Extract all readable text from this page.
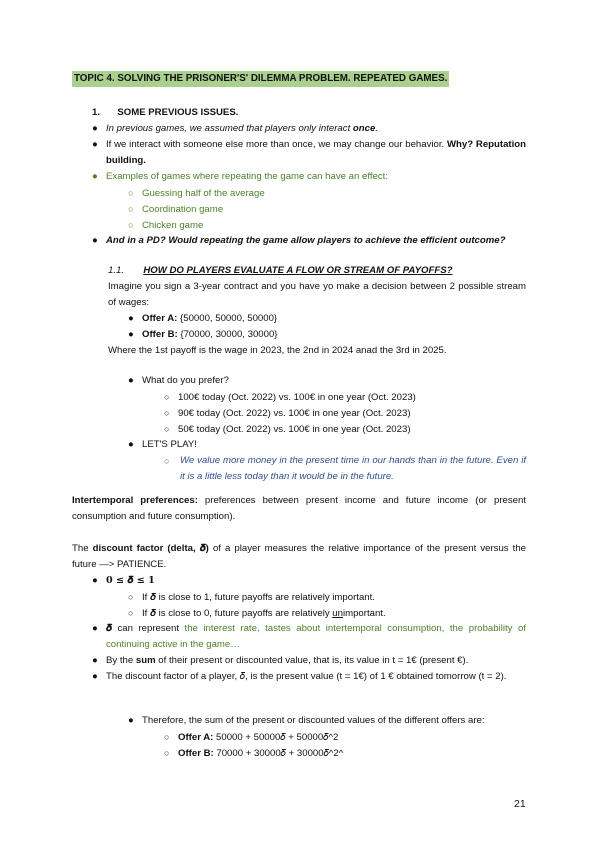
TOPIC 4. SOLVING THE PRISONER'S' DILEMMA PROBLEM. REPEATED GAMES.
1. SOME PREVIOUS ISSUES.
● In previous games, we assumed that players only interact once.
● If we interact with someone else more than once, we may change our behavior. Why? Reputation building.
● Examples of games where repeating the game can have an effect:
○ Guessing half of the average
○ Coordination game
○ Chicken game
● And in a PD? Would repeating the game allow players to achieve the efficient outcome?
1.1. HOW DO PLAYERS EVALUATE A FLOW OR STREAM OF PAYOFFS?
Imagine you sign a 3-year contract and you have yo make a decision between 2 possible stream of wages:
● Offer A: {50000, 50000, 50000}
● Offer B: {70000, 30000, 30000}
Where the 1st payoff is the wage in 2023, the 2nd in 2024 anad the 3rd in 2025.
● What do you prefer?
○ 100€ today (Oct. 2022) vs. 100€ in one year (Oct. 2023)
○ 90€ today (Oct. 2022) vs. 100€ in one year (Oct. 2023)
○ 50€ today (Oct. 2022) vs. 100€ in one year (Oct. 2023)
● LET'S PLAY!
○	We value more money in the present time in our hands than in the future. Even if it is a little less today than it would be in the future.
Intertemporal preferences: preferences between present income and future income (or present consumption and future consumption).
The discount factor (delta, 𝜹) of a player measures the relative importance of the present versus the future —> PATIENCE.
● 0 ≤ 𝜹 ≤ 1
○ If 𝜹 is close to 1, future payoffs are relatively important.
○ If 𝜹 is close to 0, future payoffs are relatively unimportant.
● 𝜹 can represent the interest rate, tastes about intertemporal consumption, the probability of continuing active in the game…
● By the sum of their present or discounted value, that is, its value in t = 1€ (present €).
● The discount factor of a player, 𝛿, is the present value (t = 1€) of 1 € obtained tomorrow (t = 2).
● Therefore, the sum of the present or discounted values of the different offers are:
○ Offer A: 50000 + 50000𝛿 + 50000𝛿^2
○ Offer B: 70000 + 30000𝛿 + 30000𝛿^2^
21
